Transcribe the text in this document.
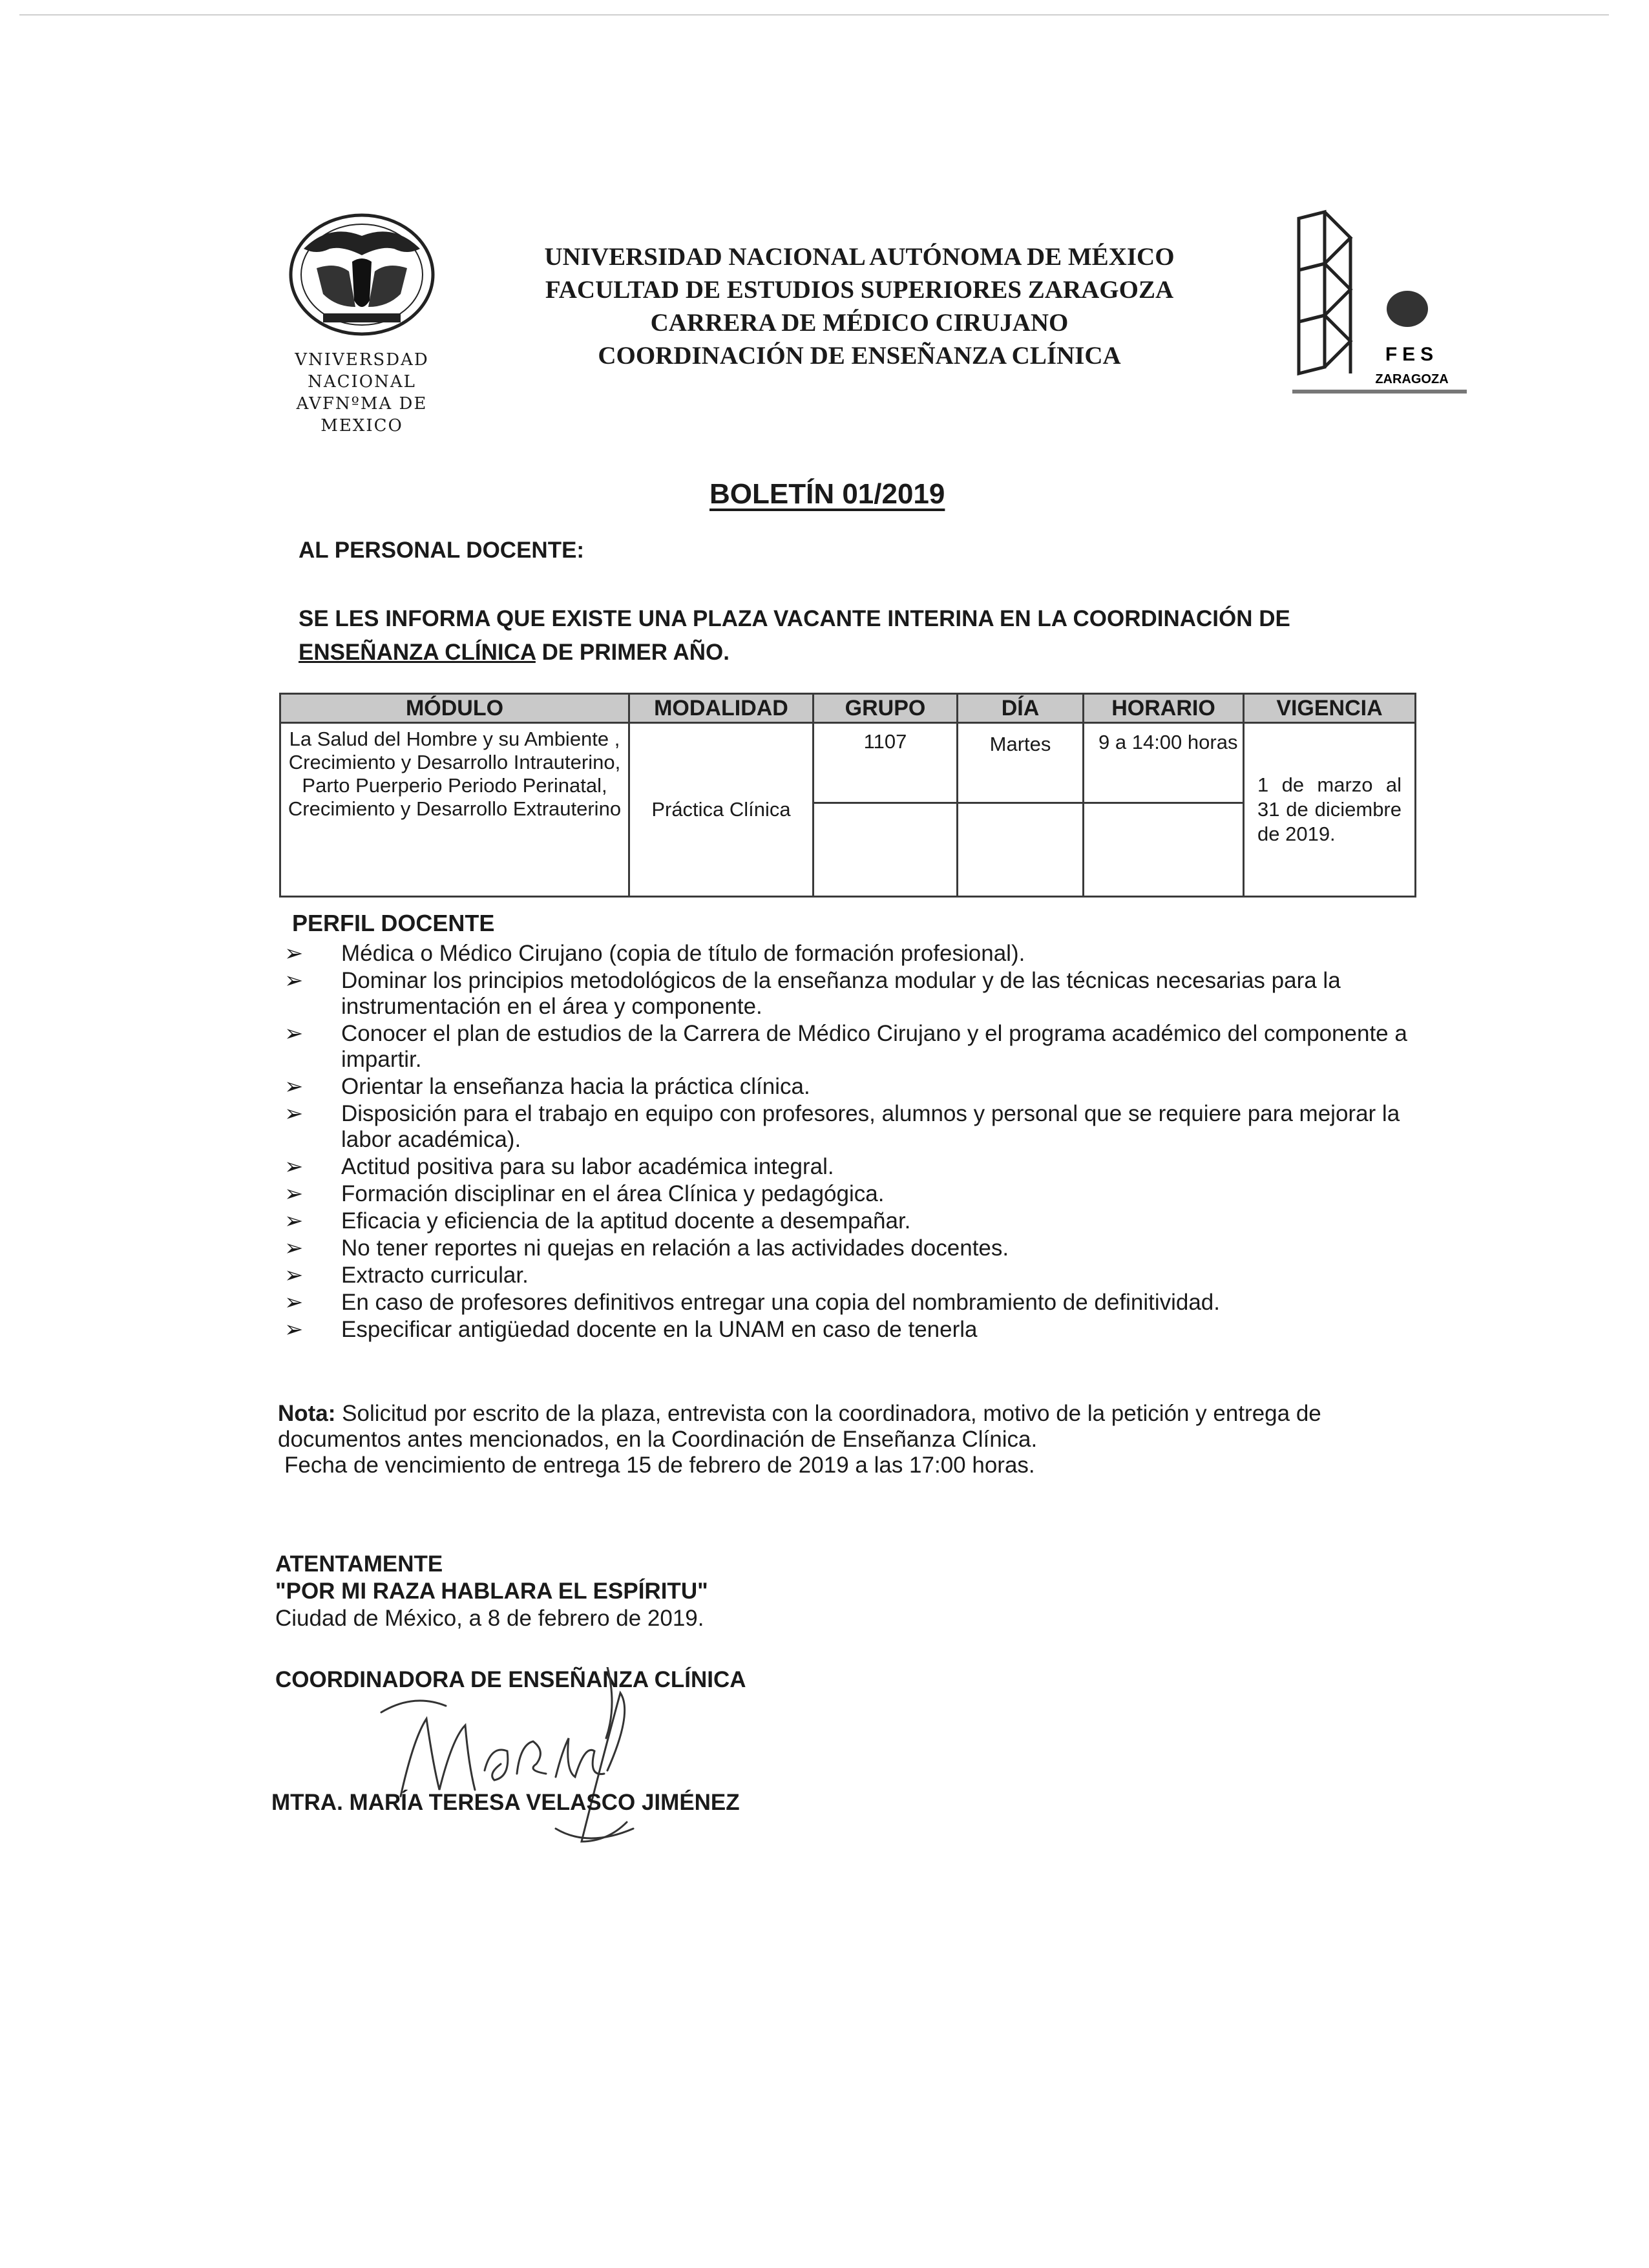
VNIVERSDAD NACIONAL
AVFNºMA DE
MEXICO
UNIVERSIDAD NACIONAL AUTÓNOMA DE MÉXICO
FACULTAD DE ESTUDIOS SUPERIORES ZARAGOZA
CARRERA DE MÉDICO CIRUJANO
COORDINACIÓN DE ENSEÑANZA CLÍNICA	FES
ZARAGOZA
BOLETÍN 01/2019
AL PERSONAL DOCENTE:
SE LES INFORMA QUE EXISTE UNA PLAZA VACANTE INTERINA EN LA COORDINACIÓN DE ENSEÑANZA CLÍNICA DE PRIMER AÑO.
MÓDULO	MODALIDAD	GRUPO	DÍA	HORARIO	VIGENCIA
La Salud del Hombre y su Ambiente , Crecimiento y Desarrollo Intrauterino, Parto Puerperio Periodo Perinatal, Crecimiento y Desarrollo Extrauterino	Práctica Clínica	1107	Martes	9 a 14:00 horas	1 de marzo al 31 de diciembre de 2019.

PERFIL DOCENTE
➢	Médica o Médico Cirujano (copia de título de formación profesional).
➢	Dominar los principios metodológicos de la enseñanza modular y de las técnicas necesarias para la instrumentación en el área y componente.
➢	Conocer el plan de estudios de la Carrera de Médico Cirujano y el programa académico del componente a impartir.
➢	Orientar la enseñanza hacia la práctica clínica.
➢	Disposición para el trabajo en equipo con profesores, alumnos y personal que se requiere para mejorar la labor académica).
➢	Actitud positiva para su labor académica integral.
➢	Formación disciplinar en el área Clínica y pedagógica.
➢	Eficacia y eficiencia de la aptitud docente a desempañar.
➢	No tener reportes ni quejas en relación a las actividades docentes.
➢	Extracto curricular.
➢	En caso de profesores definitivos entregar una copia del nombramiento de definitividad.
➢	Especificar antigüedad docente en la UNAM en caso de tenerla
Nota: Solicitud por escrito de la plaza, entrevista con la coordinadora, motivo de la petición y entrega de documentos antes mencionados, en la Coordinación de Enseñanza Clínica.
Fecha de vencimiento de entrega 15 de febrero de 2019 a las 17:00 horas.
ATENTAMENTE
"POR MI RAZA HABLARA EL ESPÍRITU"
Ciudad de México, a 8 de febrero de 2019.
COORDINADORA DE ENSEÑANZA CLÍNICA
MTRA. MARÍA TERESA VELASCO JIMÉNEZ
